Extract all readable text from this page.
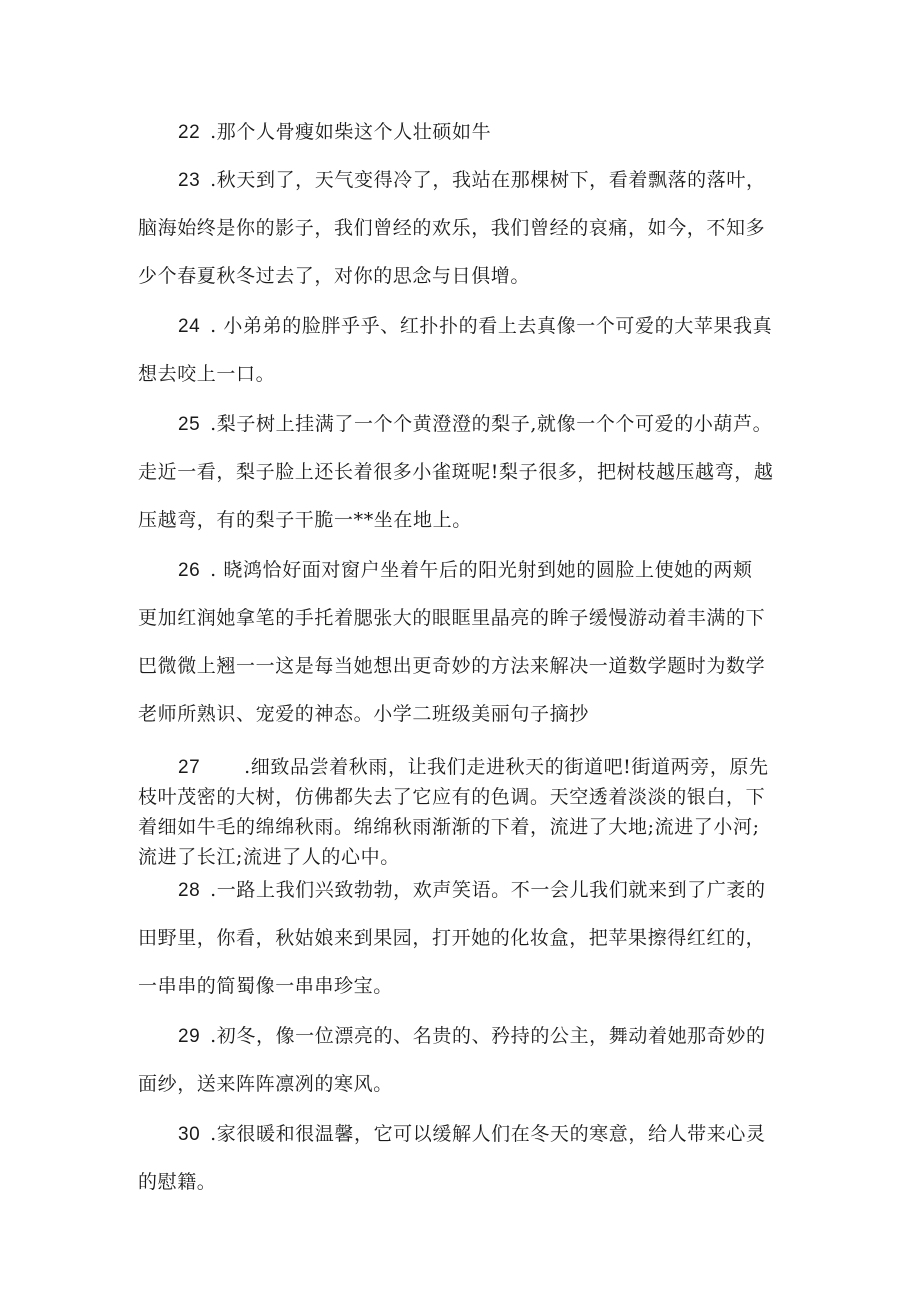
22 .那个人骨瘦如柴这个人壮硕如牛
23 .秋天到了，天气变得冷了，我站在那棵树下，看着飘落的落叶，
脑海始终是你的影子，我们曾经的欢乐，我们曾经的哀痛，如今，不知多
少个春夏秋冬过去了，对你的思念与日俱增。
24 . 小弟弟的脸胖乎乎、红扑扑的看上去真像一个可爱的大苹果我真
想去咬上一口。
25 .梨子树上挂满了一个个黄澄澄的梨子,就像一个个可爱的小葫芦。
走近一看，梨子脸上还长着很多小雀斑呢!梨子很多，把树枝越压越弯，越
压越弯，有的梨子干脆一**坐在地上。
26 . 晓鸿恰好面对窗户坐着午后的阳光射到她的圆脸上使她的两颊
更加红润她拿笔的手托着腮张大的眼眶里晶亮的眸子缓慢游动着丰满的下
巴微微上翘一一这是每当她想出更奇妙的方法来解决一道数学题时为数学
老师所熟识、宠爱的神态。小学二班级美丽句子摘抄
27 .细致品尝着秋雨，让我们走进秋天的街道吧!街道两旁，原先
枝叶茂密的大树，仿佛都失去了它应有的色调。天空透着淡淡的银白，下
着细如牛毛的绵绵秋雨。绵绵秋雨渐渐的下着，流进了大地;流进了小河;
流进了长江;流进了人的心中。
28 .一路上我们兴致勃勃，欢声笑语。不一会儿我们就来到了广袤的
田野里，你看，秋姑娘来到果园，打开她的化妆盒，把苹果擦得红红的，
一串串的简蜀像一串串珍宝。
29 .初冬，像一位漂亮的、名贵的、矜持的公主，舞动着她那奇妙的
面纱，送来阵阵凛冽的寒风。
30 .家很暖和很温馨，它可以缓解人们在冬天的寒意，给人带来心灵
的慰籍。
